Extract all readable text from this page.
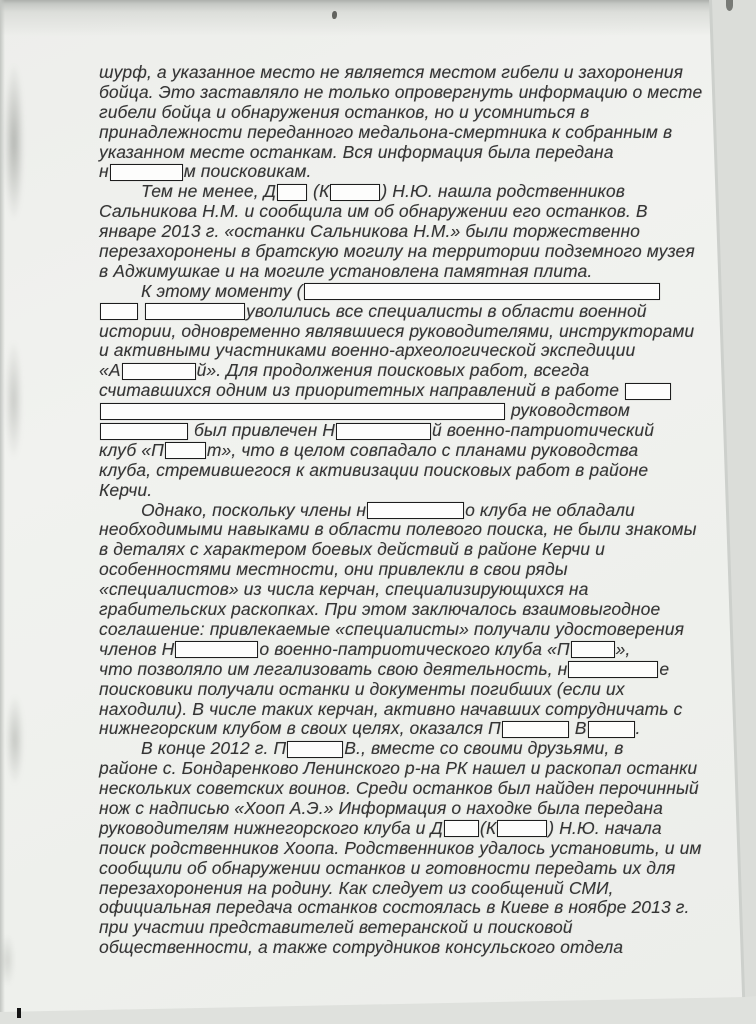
шурф, а указанное место не является местом гибели и захоронения
бойца. Это заставляло не только опровергнуть информацию о месте
гибели бойца и обнаружения останков, но и усомниться в
принадлежности переданного медальона-смертника к собранным в
указанном месте останкам. Вся информация была передана
н	м поисковикам.
Тем не менее, Д (К	) Н.Ю. нашла родственников
Сальникова Н.М. и сообщила им об обнаружении его останков. В
январе 2013 г. «останки Сальникова Н.М.» были торжественно
перезахоронены в братскую могилу на территории подземного музея
в Аджимушкае и на могиле установлена памятная плита.
К этому моменту (
уволились все специалисты в области военной
истории, одновременно являвшиеся руководителями, инструкторами
и активными участниками военно-археологической экспедиции
«А	й». Для продолжения поисковых работ, всегда
считавшихся одним из приоритетных направлений в работе
руководством
был привлечен Н	й военно-патриотический
клуб «П т», что в целом совпадало с планами руководства
клуба, стремившегося к активизации поисковых работ в районе
Керчи.
Однако, поскольку члены н	о клуба не обладали
необходимыми навыками в области полевого поиска, не были знакомы
в деталях с характером боевых действий в районе Керчи и
особенностями местности, они привлекли в свои ряды
«специалистов» из числа керчан, специализирующихся на
грабительских раскопках. При этом заключалось взаимовыгодное
соглашение: привлекаемые «специалисты» получали удостоверения
членов Н	о военно-патриотического клуба «П	»,
что позволяло им легализовать свою деятельность, н	е
поисковики получали останки и документы погибших (если их
находили). В числе таких керчан, активно начавших сотрудничать с
нижнегорским клубом в своих целях, оказался П	В	.
В конце 2012 г. П	В., вместе со своими друзьями, в
районе с. Бондаренково Ленинского р-на РК нашел и раскопал останки
нескольких советских воинов. Среди останков был найден перочинный
нож с надписью «Хооп А.Э.» Информация о находке была передана
руководителям нижнегорского клуба и Д (К	) Н.Ю. начала
поиск родственников Хоопа. Родственников удалось установить, и им
сообщили об обнаружении останков и готовности передать их для
перезахоронения на родину. Как следует из сообщений СМИ,
официальная передача останков состоялась в Киеве в ноябре 2013 г.
при участии представителей ветеранской и поисковой
общественности, а также сотрудников консульского отдела
